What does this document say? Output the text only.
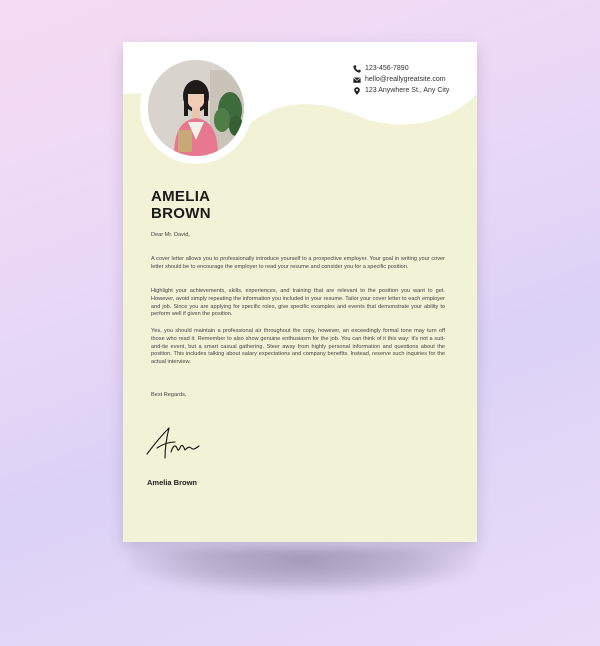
123-456-7890
hello@reallygreatsite.com
123 Anywhere St., Any City
AMELIA
BROWN
Dear Mr. David,
A cover letter allows you to professionally introduce yourself to a prospective employer. Your goal in writing your cover letter should be to encourage the employer to read your resume and consider you for a specific position.
Highlight your achievements, skills, experiences, and training that are relevant to the position you want to get. However, avoid simply repeating the information you included in your resume. Tailor your cover letter to each employer and job. Since you are applying for specific roles, give specific examples and events that demonstrate your ability to perform well if given the position.
Yes, you should maintain a professional air throughout the copy, however, an exceedingly formal tone may turn off those who read it. Remember to also show genuine enthusiasm for the job. You can think of it this way: it's not a suit-and-tie event, but a smart casual gathering. Steer away from highly personal information and questions about the position. This includes talking about salary expectations and company benefits. Instead, reserve such inquiries for the actual interview.
Best Regards,
Amelia Brown
